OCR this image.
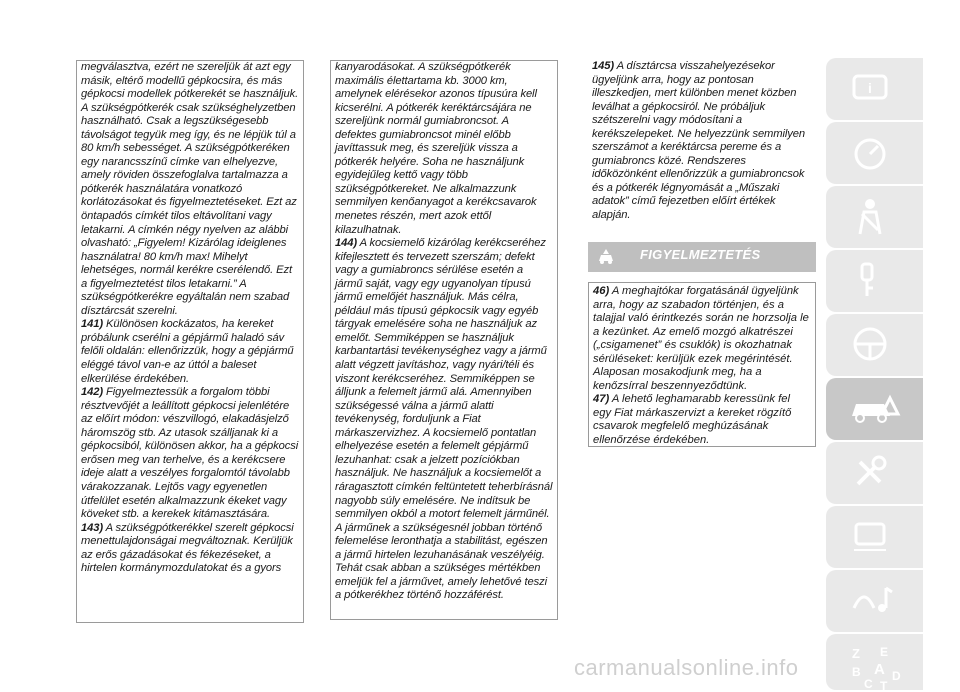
megválasztva, ezért ne szereljük át azt egy másik, eltérő modellű gépkocsira, és más gépkocsi modellek pótkerekét se használjuk. A szükségpótkerék csak szükséghelyzetben használható. Csak a legszükségesebb távolságot tegyük meg így, és ne lépjük túl a 80 km/h sebességet. A szükségpótkeréken egy narancsszínű címke van elhelyezve, amely röviden összefoglalva tartalmazza a pótkerék használatára vonatkozó korlátozásokat és figyelmeztetéseket. Ezt az öntapadós címkét tilos eltávolítani vagy letakarni. A címkén négy nyelven az alábbi olvasható: „Figyelem! Kizárólag ideiglenes használatra! 80 km/h max! Mihelyt lehetséges, normál kerékre cserélendő. Ezt a figyelmeztetést tilos letakarni.” A szükségpótkerékre egyáltalán nem szabad dísztárcsát szerelni.

141) Különösen kockázatos, ha kereket próbálunk cserélni a gépjármű haladó sáv felőli oldalán: ellenőrizzük, hogy a gépjármű eléggé távol van-e az úttól a baleset elkerülése érdekében.

142) Figyelmeztessük a forgalom többi résztvevőjét a leállított gépkocsi jelenlétére az előírt módon: vészvillogó, elakadásjelző háromszög stb. Az utasok szálljanak ki a gépkocsiból, különösen akkor, ha a gépkocsi erősen meg van terhelve, és a kerékcsere ideje alatt a veszélyes forgalomtól távolabb várakozzanak. Lejtős vagy egyenetlen útfelület esetén alkalmazzunk ékeket vagy köveket stb. a kerekek kitámasztására.

143) A szükségpótkerékkel szerelt gépkocsi menettulajdonságai megváltoznak. Kerüljük az erős gázadásokat és fékezéseket, a hirtelen kormánymozdulatokat és a gyors

kanyarodásokat. A szükségpótkerék maximális élettartama kb. 3000 km, amelynek elérésekor azonos típusúra kell kicserélni. A pótkerék keréktárcsájára ne szereljünk normál gumiabroncsot. A defektes gumiabroncsot minél előbb javíttassuk meg, és szereljük vissza a pótkerék helyére. Soha ne használjunk egyidejűleg kettő vagy több szükségpótkereket. Ne alkalmazzunk semmilyen kenőanyagot a kerékcsavarok menetes részén, mert azok ettől kilazulhatnak.

144) A kocsiemelő kizárólag kerékcseréhez kifejlesztett és tervezett szerszám; defekt vagy a gumiabroncs sérülése esetén a jármű saját, vagy egy ugyanolyan típusú jármű emelőjét használjuk. Más célra, például más típusú gépkocsik vagy egyéb tárgyak emelésére soha ne használjuk az emelőt. Semmiképpen se használjuk karbantartási tevékenységhez vagy a jármű alatt végzett javításhoz, vagy nyári/téli és viszont kerékcseréhez. Semmiképpen se álljunk a felemelt jármű alá. Amennyiben szükségessé válna a jármű alatti tevékenység, forduljunk a Fiat márkaszervizhez. A kocsiemelő pontatlan elhelyezése esetén a felemelt gépjármű lezuhanhat: csak a jelzett pozíciókban használjuk. Ne használjuk a kocsiemelőt a ráragasztott címkén feltüntetett teherbírásnál nagyobb súly emelésére. Ne indítsuk be semmilyen okból a motort felemelt járműnél. A járműnek a szükségesnél jobban történő felemelése leronthatja a stabilitást, egészen a jármű hirtelen lezuhanásának veszélyéig. Tehát csak abban a szükséges mértékben emeljük fel a járművet, amely lehetővé teszi a pótkerékhez történő hozzáférést.

145) A dísztárcsa visszahelyezésekor ügyeljünk arra, hogy az pontosan illeszkedjen, mert különben menet közben leválhat a gépkocsiról. Ne próbáljuk szétszerelni vagy módosítani a kerékszelepeket. Ne helyezzünk semmilyen szerszámot a keréktárcsa pereme és a gumiabroncs közé. Rendszeres időközönként ellenőrizzük a gumiabroncsok és a pótkerék légnyomását a „Műszaki adatok” című fejezetben előírt értékek alapján.

FIGYELMEZTETÉS

46) A meghajtókar forgatásánál ügyeljünk arra, hogy az szabadon történjen, és a talajjal való érintkezés során ne horzsolja le a kezünket. Az emelő mozgó alkatrészei („csigamenet” és csuklók) is okozhatnak sérüléseket: kerüljük ezek megérintését. Alaposan mosakodjunk meg, ha a kenőzsírral beszennyeződtünk.

47) A lehető leghamarabb keressünk fel egy Fiat márkaszervizt a kereket rögzítő csavarok megfelelő meghúzásának ellenőrzése érdekében.

i
Z E
B A D
C T
carmanualsonline.info
